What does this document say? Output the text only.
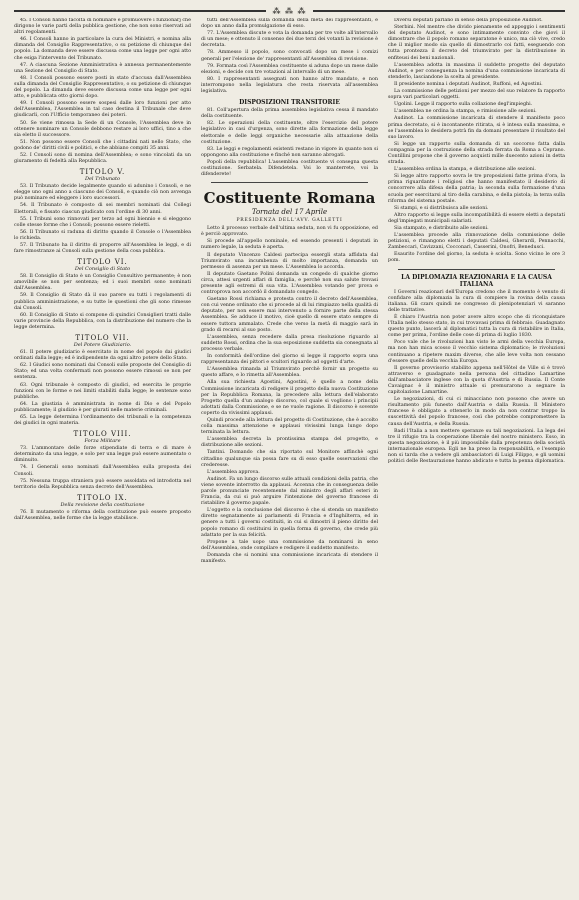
⁂ ⁂ ⁂

45. I Consoli hanno facoltà di nominare e promuovere i funzionarj che dirigono le varie parti della pubblica gestione, che non sono riservati ad altri regolamenti.

46. I Consoli hanno in particolare la cura dei Ministri, e nomina alla dimanda del Consiglio Rappresentativo, o su petizione di chiunque del popolo. La domanda deve essere discussa come una legge per ogni atto che esiga l'intervento del Tribunato.

47. A ciascuna Sezione Amministrativa è annessa permanentemente una Sezione del Consiglio di Stato.

48. I Consoli possono essere posti in stato d'accusa dall'Assemblea sulla dimanda del Consiglio Rappresentativo, o su petizione di chiunque del popolo. La dimanda deve essere discussa come una legge per ogni atto, e pubblicata otto giorni dopo.

49. I Consoli possono essere sospesi dalle loro funzioni per atto dell'Assemblea, l'Assemblea in tal caso destina il Tribunale che deve giudicarli, con l'Ufficio temporaneo dei poteri.

50. Se viene rimossa la Sede di un Console, l'Assemblea deve in ottenere nominare un Console debbono restare ai loro uffici, tino a che sia eletto il successore.

51. Non possono essere Consoli che i cittadini nati nello Stato, che godono de' diritti civili e politici, e che abbiano compiti 35 anni.

52. I Consoli sono di nomina dell'Assemblea; e sono vincolati da un giuramento di fedeltà alla Repubblica.

TITOLO V.
Del Tribunato

53. Il Tribunato decide legalmente quando si adunino i Consoli, e ne elegge uno ogni anno a ciascuno dei Consoli, e quando ciò non avvenga può nominare ed eleggere i loro successori.

54. Il Tribunato è composto di sei membri nominati dai Collegi Elettorali, e fissato ciascun giudicato con l'ordine di 30 anni.

55. I Tribuni sono rinnovati per terzo ad ogni biennio e si eleggono colle stesse forme che i Consoli; possono essere rieletti.

56. Il Tribunato si raduna di diritto quando il Console o l'Assemblea lo richieda.

57. Il Tribunato ha il diritto di proporre all'Assemblea le leggi, e di fare rimostranze ai Consoli sulla gestione della cosa pubblica.

TITOLO VI.
Del Consiglio di Stato

58. Il Consiglio di Stato è un Consiglio Consultivo permanente; è non amovibile se non per sentenza; ed i suoi membri sono nominati dall'Assemblea.

59. Il Consiglio di Stato dà il suo parere su tutti i regolamenti di pubblica amministrazione, e su tutte le questioni che gli sono rimesse dai Consoli.

60. Il Consiglio di Stato si compone di quindici Consiglieri tratti dalle varie provincie della Repubblica, con la distribuzione del numero che la legge determina.

TITOLO VII.
Del Potere Giudiziario.

61. Il potere giudiziario è esercitato in nome del popolo dai giudici ordinati dalla legge; ed è indipendente da ogni altro potere dello Stato.

62. I Giudici sono nominati dai Consoli sulle proposte del Consiglio di Stato; ed una volta confermati non possono essere rimossi se non per sentenza.

63. Ogni tribunale è composto di giudici, ed esercita le proprie funzioni con le forme e nei limiti stabiliti dalla legge; le sentenze sono pubbliche.

64. La giustizia è amministrata in nome di Dio e del Popolo pubblicamente; il giudizio è per giurati nelle materie criminali.

65. La legge determina l'ordinamento dei tribunali e la competenza dei giudici in ogni materia.

TITOLO VIII.
Forza Militare

73. L'ammontare delle forze stipendiate di terra e di mare è determinato da una legge, e solo per una legge può essere aumentato o diminuito.

74. I Generali sono nominati dall'Assemblea sulla proposta dei Consoli.

75. Nessuna truppa straniera può essere assoldata ed introdotta nel territorio della Repubblica senza decreto dell'Assemblea.

TITOLO IX.
Della revisione della costituzione

76. Il mutamento o riforma della costituzione può essere proposto dall'Assemblea, nelle forme che la legge stabilisce.

tutti dell'Assemblea sulla domanda della metà dei rappresentanti, e dopo un anno dalla promulgazione di esso.

77. L'Assemblea discute e vota la domanda per tre volte all'intervallo di un mese; e ottenuto il consenso dei due terzi dei votanti la revisione è decretata.

78. Ammesso il popolo, sono convocati dopo un mese i comizi generali per l'elezione de' rappresentanti all'Assemblea di revisione.

79. Formata così l'Assemblea costituente si aduna dopo un mese dalle elezioni, e decide con tre votazioni al intervallo di un mese.

80. I rappresentanti assegnati non hanno altro mandato, e non interrompono nella legislatura che resta riservata all'assemblea legislativa.

DISPOSIZIONI TRANSITORIE

81. Coll'apertura della prima assemblea legislativa cessa il mandato della costituente.

82. Le operazioni della costituente, oltre l'esercizio del potere legislativo in casi d'urgenza, sono dirette alla formazione della legge elettorale e delle leggi organiche necessarie alla attuazione della costituzione.

83. Le leggi e regolamenti esistenti restano in vigore in quanto non si oppongono alla costituzione e finché non saranno abrogati.

Popoli della repubblica! L'assemblea costituente vi consegna questa costituzione. Serbatela. Difendetela. Voi lo manterrete, voi la difenderete!

Costituente Romana
Tornata del 17 Aprile
PRESIDENZA DELL'AVV. GALLETTI

Letto il processo verbale dell'ultima seduta, non vi fu opposizione, ed è perciò approvato.

Si procede all'appello nominale, ed essendo presenti i deputati in numero legale, la seduta è aperta.

Il deputato Vincenzo Caldesi partecipa essergli stata affidata dal Triumvirato una incumbenza di molto importanza, domanda un permesso di assenza per un mese. L'Assemblea lo accorda.

Il deputato Gaetano Polini domanda un congedo di qualche giorno circa, attesi urgenti affari di famiglia, e perchè non sua salute trovasi presente agli estremi di sua vita. L'Assemblea votando per prova e controprova non accordò il domandato congedo.

Gaetano Rossi richiama e protesta contro il decreto dell'Assemblea, con cui venne ordinato che si procede al di lui rimpiazzo nella qualità di deputato, per non essere mai intervenuto a fornire parte della stessa Assemblea. Se adduce il motivo, cioè quello di essere stato sempre di essere tuttora ammalato. Crede che verso la metà di maggio sarà in grado di recarsi al suo posto.

L'assemblea, senza recedere dalla presa risoluzione riguardo al suddetto Rossi, ordina che la sua esposizione suddetta sia consegnata al processo verbale.

In conformità dell'ordine del giorno si legge il rapporto sopra una rappresentanza dei pittori e scultori riguardo ad oggetti d'arte.

L'Assemblea rimanda al Triumvirato perchè fornir un progetto su questo affare, e lo rimetta all'Assemblea.

Alla sua richiesta Agostini, Agostini, è quello a nome della Commissione incaricata di redigere il progetto della nuova Costituzione per la Repubblica Romana, la precedere alla lettura dell'elaborato Progetto quella d'un analogo discorso, col quale si vogliono i principii adottati dalla Commissione, e se ne vuole ragione. Il discorso è sovente coperto da vivissimi applausi.

Quindi procede alla lettura del progetto di Costituzione, che è accolto colla massima attenzione e applausi vivissimi lunga lungo dopo terminata la lettura.

L'assemblea decreta la prontissima stampa del progetto, e distribuzione alle sezioni.

Tantini. Domando che sia riportato sul Monitore affinchè ogni cittadino qualunque sia possa fare su di esso quelle osservazioni che crederesse.

L'assemblea approva.

Audinot. Fa un lungo discorso sulle attuali condizioni della patria, che viene sovente interrotto da applausi. Accenna che in conseguenza delle parole pronunciate recentemente dal ministro degli affari esteri in Francia, da cui si può arguire l'intenzione del governo francese di ristabilire il governo papale.

L'oggetto e la conclusione del discorso è che si stenda un manifesto diretto segnatamente ai parlamenti di Francia e d'Inghilterra, ed in genere a tutti i governi costituiti, in cui si dimostri il pieno diritto del popolo romano di costituirsi in quella forma di governo, che crede più adattato per la sua felicità.

Propone a tale uopo una commissione da nominarsi in seno dell'Assemblea, onde compilare e redigere il suddetto manifesto.

Domanda che si nomini una commissione incaricata di stendere il manifesto.

Diversi deputati parlano in senso della proposizione Audinot.

Sterbini. Nel mentre che divido pienamente ed appoggio i sentimenti del deputato Audinot, e sono intimamente convinto che giovi il dimostrare che il popolo romano separatone è unico, ma ciò vive, credo che il miglior modo sia quello di dimostrarlo coi fatti, eseguendo con tutta prontezza il decreto del triumvirato per la distribuzione in enfiteusi dei beni nazionali.

L'assemblea adotta in massima il suddetto progetto del deputato Audinot, e per conseguenza la nomina d'una commissione incaricata di stenderlo, lasciandone la scelta al presidente.

Il presidente nomina i deputati Audinot, Ruffoni, ed Agostini.

La commissione delle petizioni per mezzo del suo relatore fa rapporto sopra vari particolari oggetti.

Ugolini. Legge il rapporto sulla collazione degl'impieghi.

L'assemblea ne ordina la stampa, e rimissione alle sezioni.

Audinot. La commissione incaricata di stendere il manifesto poco prima decretato, si è incontanente ritirata, si è intesa sulla massima, e se l'assemblea lo desidera potrà fin da domani presentare il risultato del suo lavoro.

Si legge un rapporto sulla domanda di un soccorso fatta dalla compagnia per la costruzione della strada ferrata da Roma a Ceprano. Contillini propone che il governo acquisti mille duecento azioni in detta strada.

L'assemblea ordina la stampa, e distribuzione alle sezioni.

Si legge altro rapporto sovra le tre proposizioni fatte prima d'ora, la prima riguardante i religiosi che hanno manifestato il desiderio di concorrere alla difesa della patria; la seconda sulla formazione d'una scuola per esercitarsi al tiro della carabina, e della pistola; la terza sulla riforma del sistema postale.

Si stampi, e si distribuisca alle sezioni.

Altro rapporto si legge sulla incompatibilità di essere eletti a deputati degl'impiegati municipali salariati.

Sia stampato, e distribuito alle sezioni.

L'assemblea procede alla rinnovazione della commissione delle petizioni, e rimangono eletti i deputati Caldesi, Gherardi, Pennacchi, Zambeccari, Cavizzani, Cocconari, Casserini, Onofri, Benedusci.

Esaurito l'ordine del giorno, la seduta è sciolta. Sono vicino le ore 3 pom.

LA DIPLOMAZIA REAZIONARIA E LA CAUSA ITALIANA

I Governi reazionari dell'Europa credono che il momento è venuto di confidare alla diplomazia la cura di compiere la rovina della causa italiana. Gli czars quindi ne congresso di plenipotenziari vi saranno delle trattative.

È chiaro l'Austria non poter avere altro scopo che di riconquistare l'Italia nello stesso stato, in cui trovavasi prima di febbraio. Guadagnato questo punto, lascerà al diplomatici tutta la cura di ristabilire in Italia, come per prima, l'ordine delle cose di prima di luglio 1830.

Poco vale che le rivoluzioni han visto le armi della vecchia Europa, ma non han mica scosso il vecchio sistema diplomatico; le rivoluzioni continuano a ripetere maxim diverse, che alle leve volta non cessano d'essere quelle della vecchia Europa.

Il governo provvisorio stabilito appena nell'Hôtel de Ville si è trovò attraverso e guadagnato nella persona del cittadino Lamartine dall'ambasciatore inglese con la quota d'Austria e di Russia. Il Conte Cavaignac è il ministro attuale si premurarono a segnare la capitolazione Lamartine.

Le negoziazioni, di cui ci minacciano non possono che avere un risultamento più funesto dall'Austria e dalla Russia. Il Ministero francese è obbligato a ottenerlo in modo da non contrar troppo la suscettività del popolo francese, così che potrebbe compromettere la causa dell'Austria, e della Russia.

Badi l'Italia a non mettere speranze su tali negoziazioni. La lega dei tre il rifugio tra la cooperazione liberale del nostro ministero. Esso, in questa negoziazione, è il più impossibile dalla prepotenza della società internazionale europea. Egli ne ha preso la responsabilità, e l'esempio non si tarda che a vedere gli ambasciatori di Luigi Filippo, e gli uomini politici delle Restaurazione hanno abdicato e tutta la penna diplomatica.
